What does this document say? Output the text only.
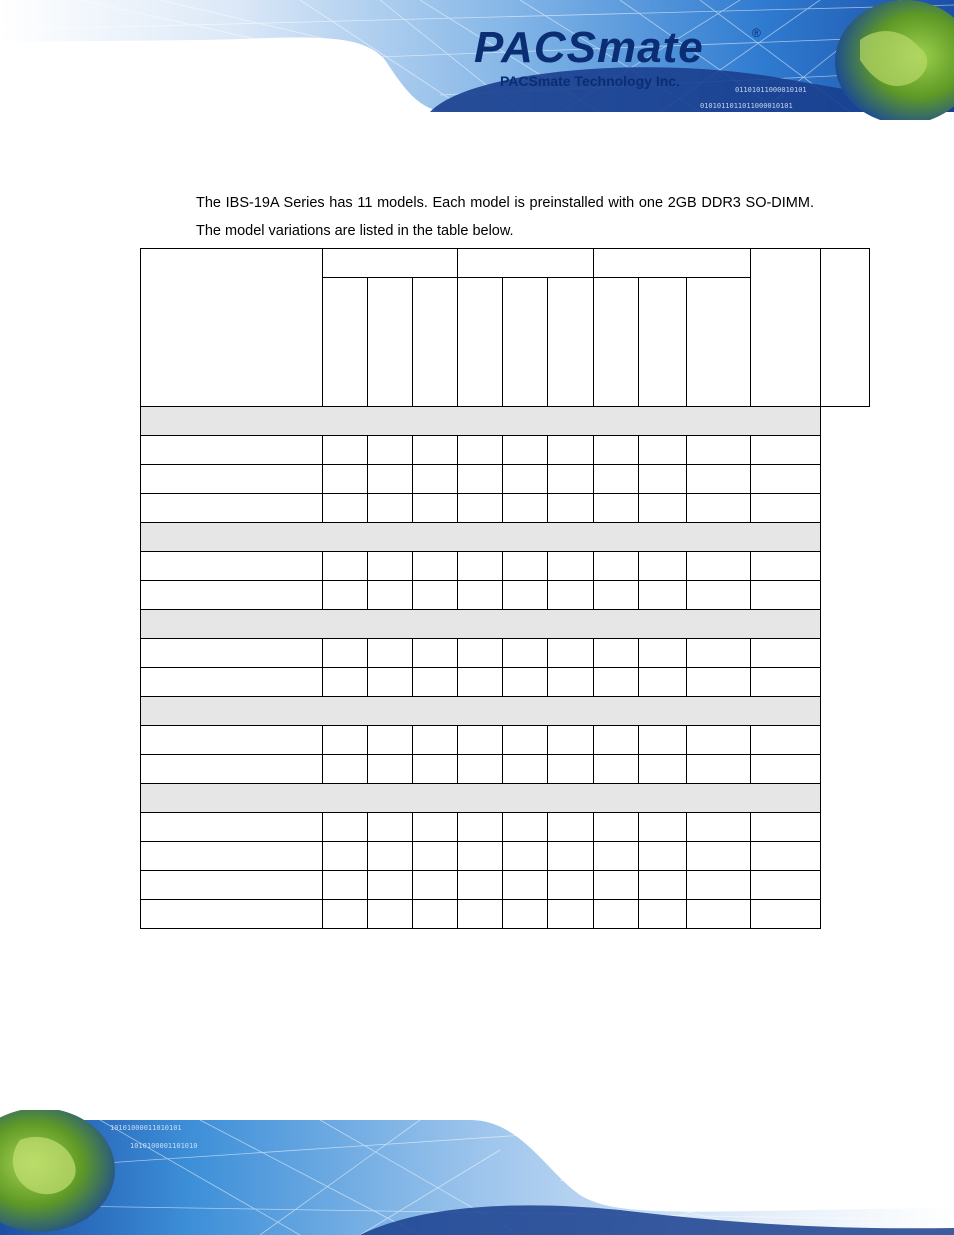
01101011000010101
0101011011011000010101
PACSmate	®
PACSmate Technology Inc.

The IBS-19A Series has 11 models. Each model is preinstalled with one 2GB DDR3 SO-DIMM. The model variations are listed in the table below.

10101000011010101
1010100001101010
